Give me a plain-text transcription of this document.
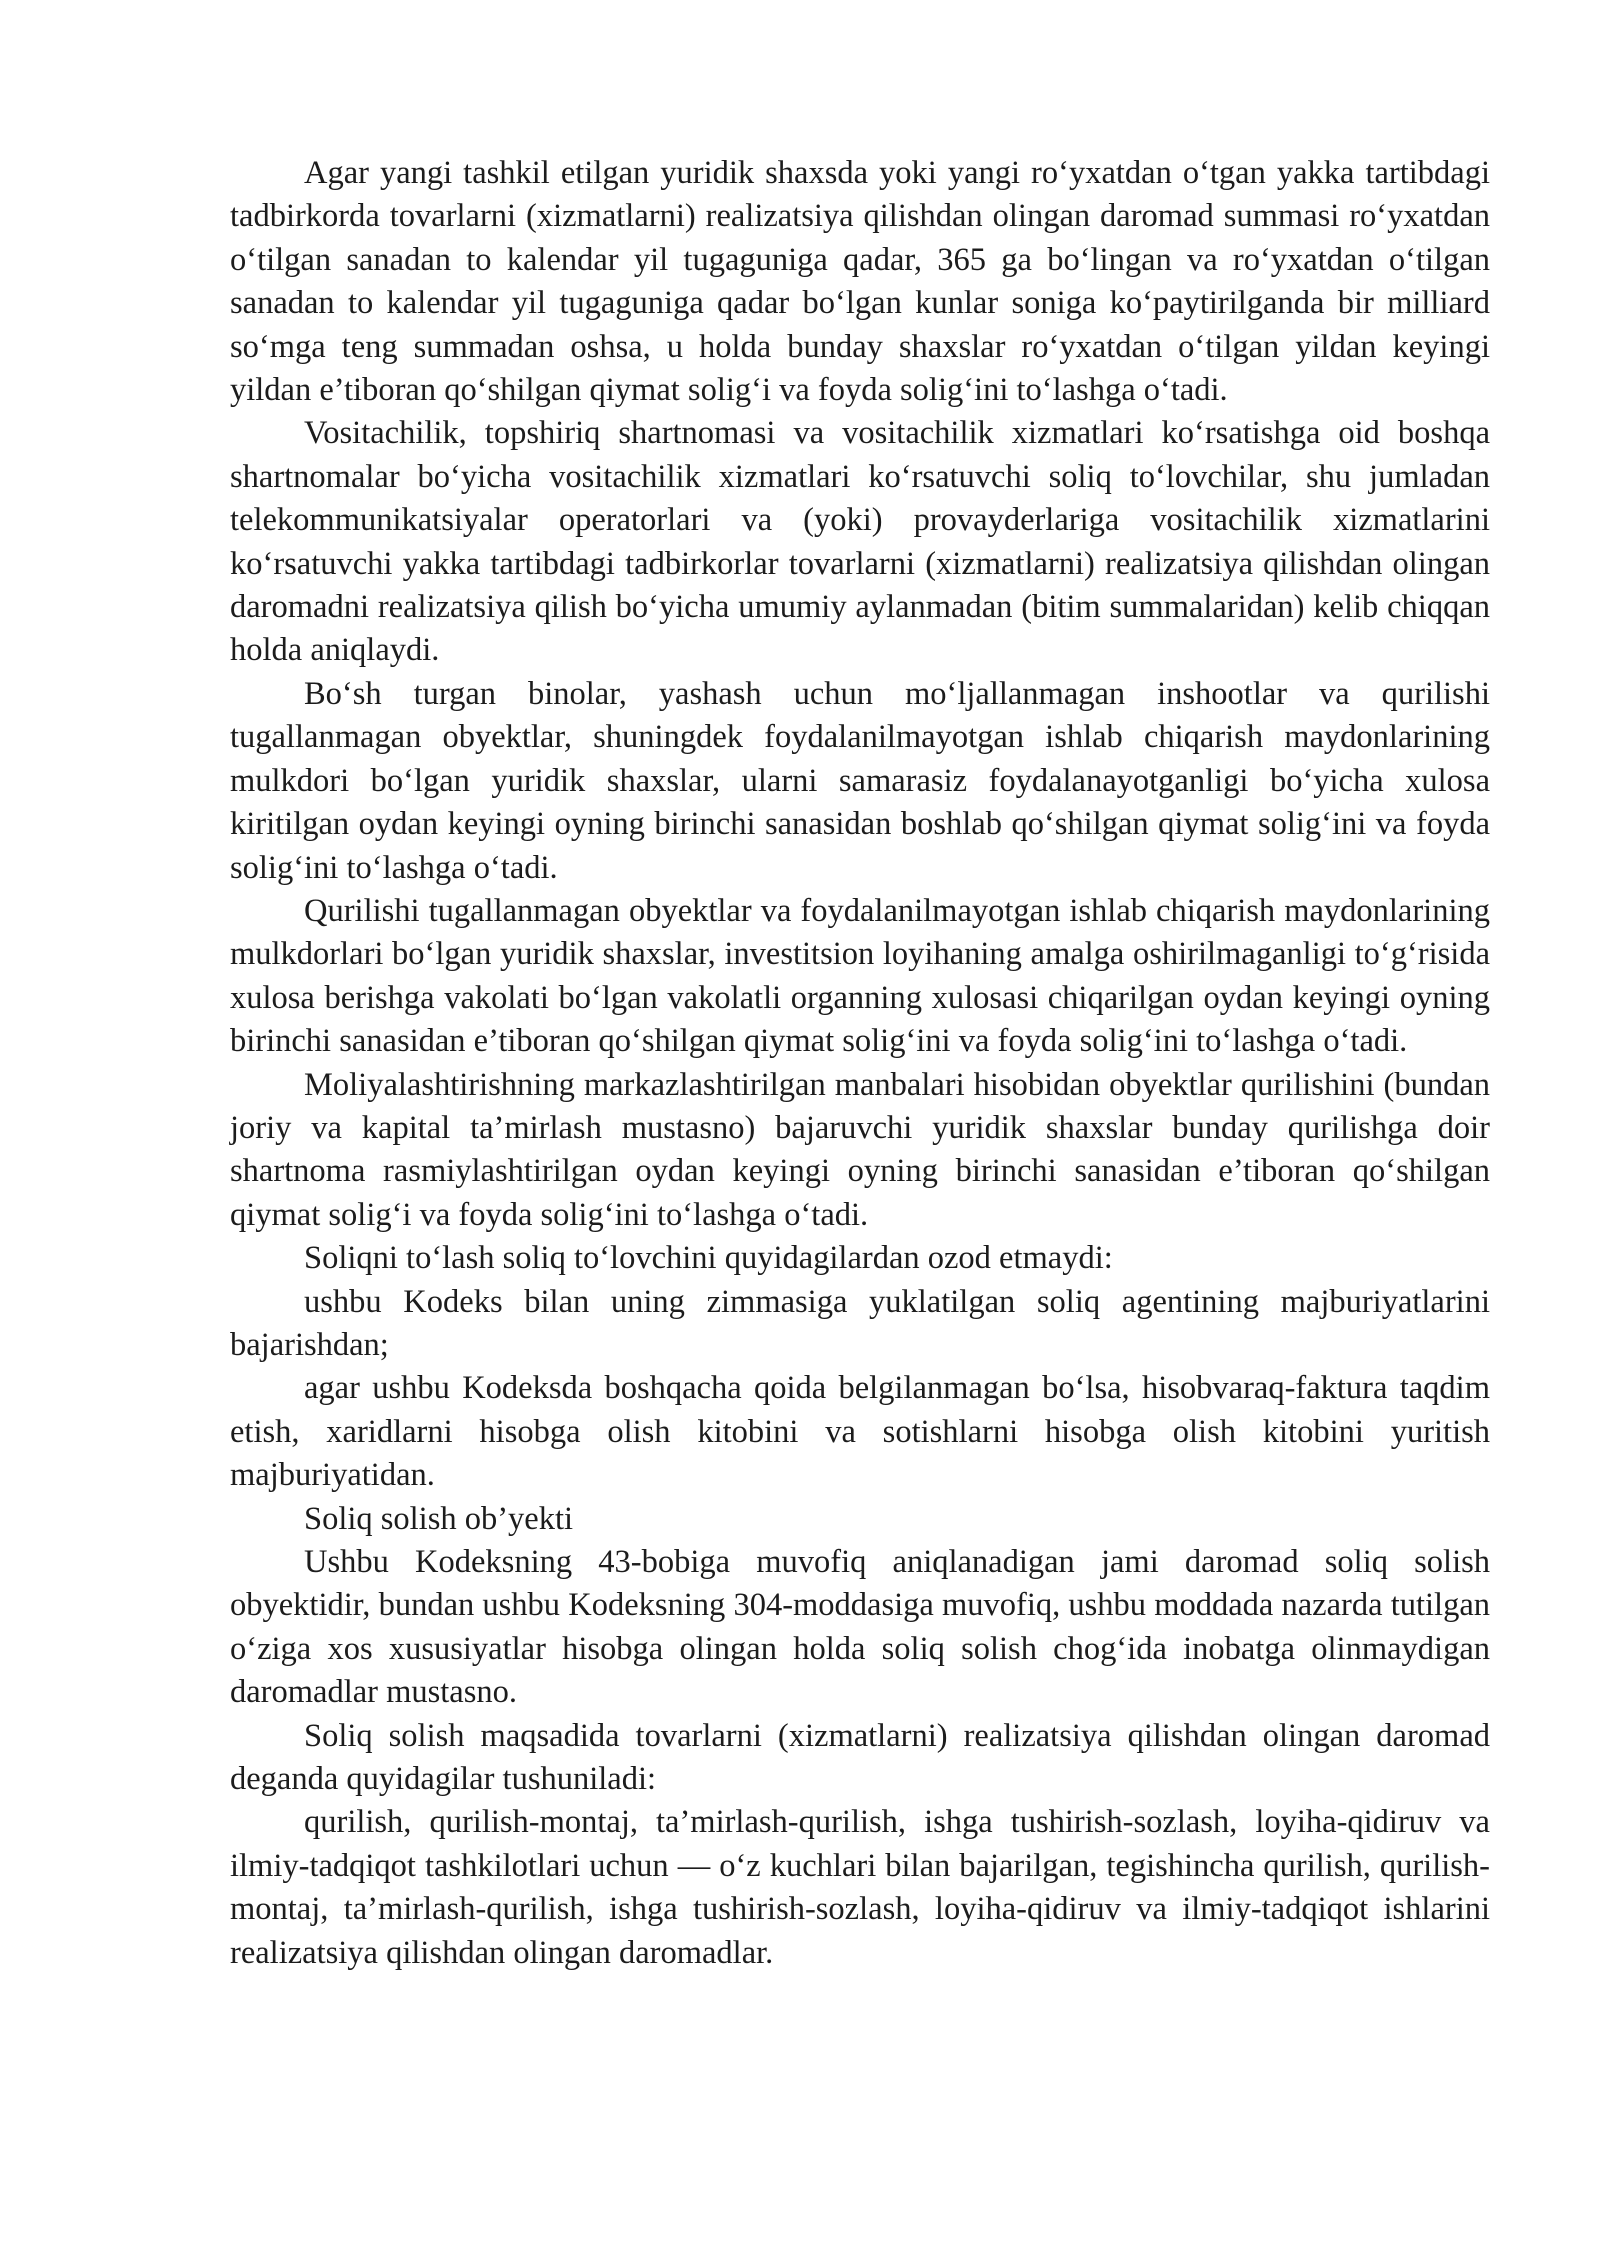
Agar yangi tashkil etilgan yuridik shaxsda yoki yangi ro‘yxatdan o‘tgan yakka tartibdagi tadbirkorda tovarlarni (xizmatlarni) realizatsiya qilishdan olingan daromad summasi ro‘yxatdan o‘tilgan sanadan to kalendar yil tugaguniga qadar, 365 ga bo‘lingan va ro‘yxatdan o‘tilgan sanadan to kalendar yil tugaguniga qadar bo‘lgan kunlar soniga ko‘paytirilganda bir milliard so‘mga teng summadan oshsa, u holda bunday shaxslar ro‘yxatdan o‘tilgan yildan keyingi yildan e’tiboran qo‘shilgan qiymat solig‘i va foyda solig‘ini to‘lashga o‘tadi.

Vositachilik, topshiriq shartnomasi va vositachilik xizmatlari ko‘rsatishga oid boshqa shartnomalar bo‘yicha vositachilik xizmatlari ko‘rsatuvchi soliq to‘lovchilar, shu jumladan telekommunikatsiyalar operatorlari va (yoki) provayderlariga vositachilik xizmatlarini ko‘rsatuvchi yakka tartibdagi tadbirkorlar tovarlarni (xizmatlarni) realizatsiya qilishdan olingan daromadni realizatsiya qilish bo‘yicha umumiy aylanmadan (bitim summalaridan) kelib chiqqan holda aniqlaydi.

Bo‘sh turgan binolar, yashash uchun mo‘ljallanmagan inshootlar va qurilishi tugallanmagan obyektlar, shuningdek foydalanilmayotgan ishlab chiqarish maydonlarining mulkdori bo‘lgan yuridik shaxslar, ularni samarasiz foydalanayotganligi bo‘yicha xulosa kiritilgan oydan keyingi oyning birinchi sanasidan boshlab qo‘shilgan qiymat solig‘ini va foyda solig‘ini to‘lashga o‘tadi.

Qurilishi tugallanmagan obyektlar va foydalanilmayotgan ishlab chiqarish maydonlarining mulkdorlari bo‘lgan yuridik shaxslar, investitsion loyihaning amalga oshirilmaganligi to‘g‘risida xulosa berishga vakolati bo‘lgan vakolatli organning xulosasi chiqarilgan oydan keyingi oyning birinchi sanasidan e’tiboran qo‘shilgan qiymat solig‘ini va foyda solig‘ini to‘lashga o‘tadi.

Moliyalashtirishning markazlashtirilgan manbalari hisobidan obyektlar qurilishini (bundan joriy va kapital ta’mirlash mustasno) bajaruvchi yuridik shaxslar bunday qurilishga doir shartnoma rasmiylashtirilgan oydan keyingi oyning birinchi sanasidan e’tiboran qo‘shilgan qiymat solig‘i va foyda solig‘ini to‘lashga o‘tadi.

Soliqni to‘lash soliq to‘lovchini quyidagilardan ozod etmaydi:

ushbu Kodeks bilan uning zimmasiga yuklatilgan soliq agentining majburiyatlarini bajarishdan;

agar ushbu Kodeksda boshqacha qoida belgilanmagan bo‘lsa, hisobvaraq-faktura taqdim etish, xaridlarni hisobga olish kitobini va sotishlarni hisobga olish kitobini yuritish majburiyatidan.

Soliq solish ob’yekti

Ushbu Kodeksning 43-bobiga muvofiq aniqlanadigan jami daromad soliq solish obyektidir, bundan ushbu Kodeksning 304-moddasiga muvofiq, ushbu moddada nazarda tutilgan o‘ziga xos xususiyatlar hisobga olingan holda soliq solish chog‘ida inobatga olinmaydigan daromadlar mustasno.

Soliq solish maqsadida tovarlarni (xizmatlarni) realizatsiya qilishdan olingan daromad deganda quyidagilar tushuniladi:

qurilish, qurilish-montaj, ta’mirlash-qurilish, ishga tushirish-sozlash, loyiha-qidiruv va ilmiy-tadqiqot tashkilotlari uchun — o‘z kuchlari bilan bajarilgan, tegishincha qurilish, qurilish-montaj, ta’mirlash-qurilish, ishga tushirish-sozlash, loyiha-qidiruv va ilmiy-tadqiqot ishlarini realizatsiya qilishdan olingan daromadlar.
